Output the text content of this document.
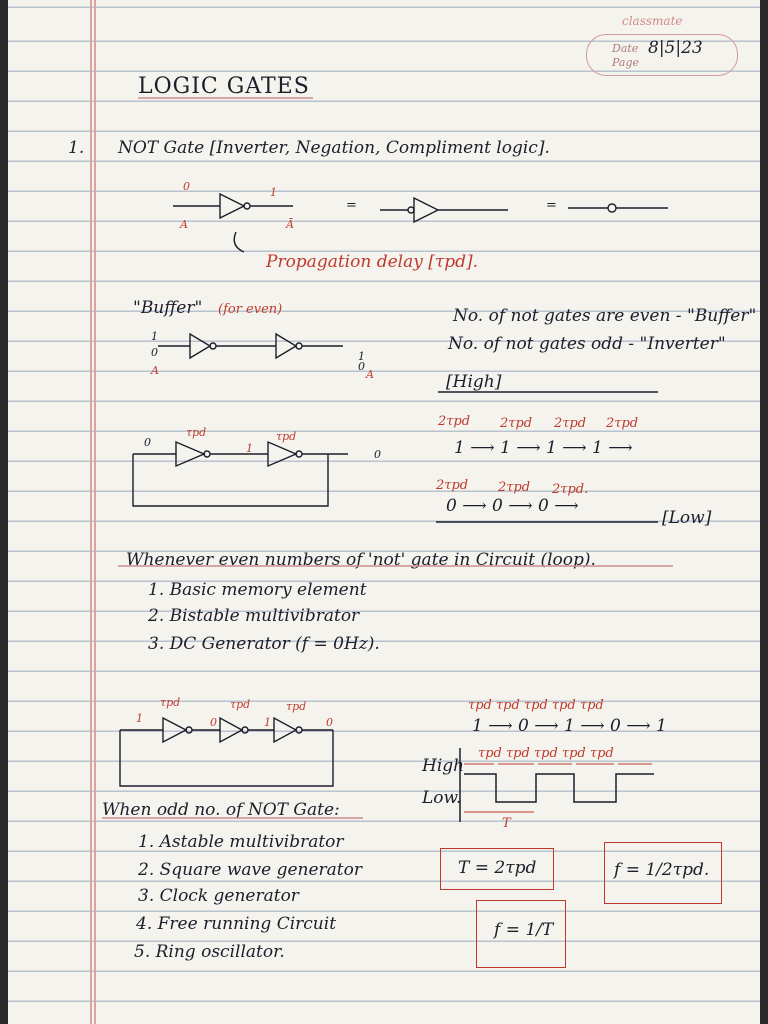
classmate
Date
Page
8|5|23
LOGIC GATES
1. NOT Gate [Inverter, Negation, Compliment logic].
0	1
A	Ā
=	=
Propagation delay [τpd].
"Buffer" (for even)
1
0
A
1
0
A
No. of not gates are even - "Buffer"
No. of not gates odd - "Inverter"
[High]
τpd	τpd
0	1	0
2τpd 2τpd 2τpd 2τpd
1 ⟶ 1 ⟶ 1 ⟶ 1 ⟶
2τpd 2τpd 2τpd.
0 ⟶ 0 ⟶ 0 ⟶
[Low]
Whenever even numbers of 'not' gate in Circuit (loop).
1. Basic memory element
2. Bistable multivibrator
3. DC Generator (f = 0Hz).
τpd	τpd	τpd
1	0	1	0
τpd τpd τpd τpd τpd
1 ⟶ 0 ⟶ 1 ⟶ 0 ⟶ 1
τpd τpd τpd τpd τpd
High
Low.
T
When odd no. of NOT Gate:
1. Astable multivibrator
2. Square wave generator
3. Clock generator
4. Free running Circuit
5. Ring oscillator.
T = 2τpd	f = 1/2τpd.
f = 1/T
